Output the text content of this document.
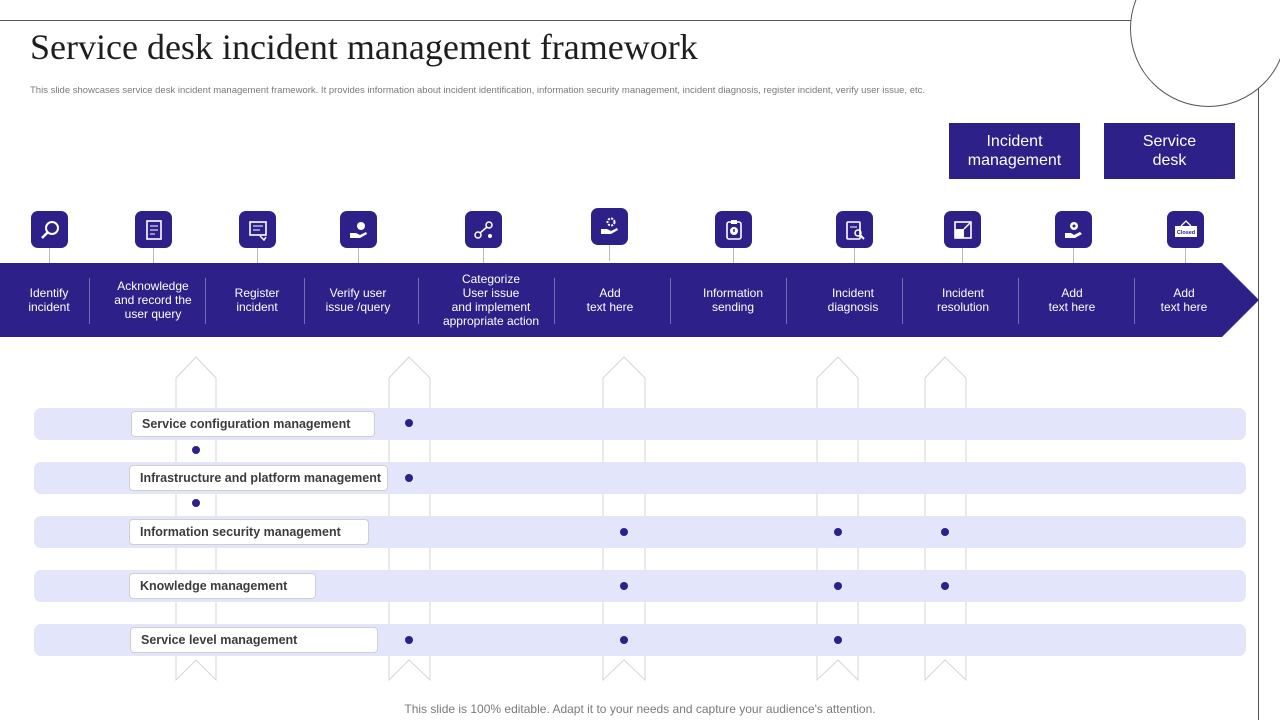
Service desk incident management framework
This slide showcases service desk incident management framework. It provides information about incident identification, information security management, incident diagnosis, register incident, verify user issue, etc.
Incident
management
Service
desk
Closed
Identify
incident
Acknowledge
and record the
user query
Register
incident
Verify user
issue /query
Categorize
User issue
and implement
appropriate action
Add
text here
Information
sending
Incident
diagnosis
Incident
resolution
Add
text here
Add
text here
Service configuration management
Infrastructure and platform management
Information security management
Knowledge management
Service level management
This slide is 100% editable. Adapt it to your needs and capture your audience's attention.
